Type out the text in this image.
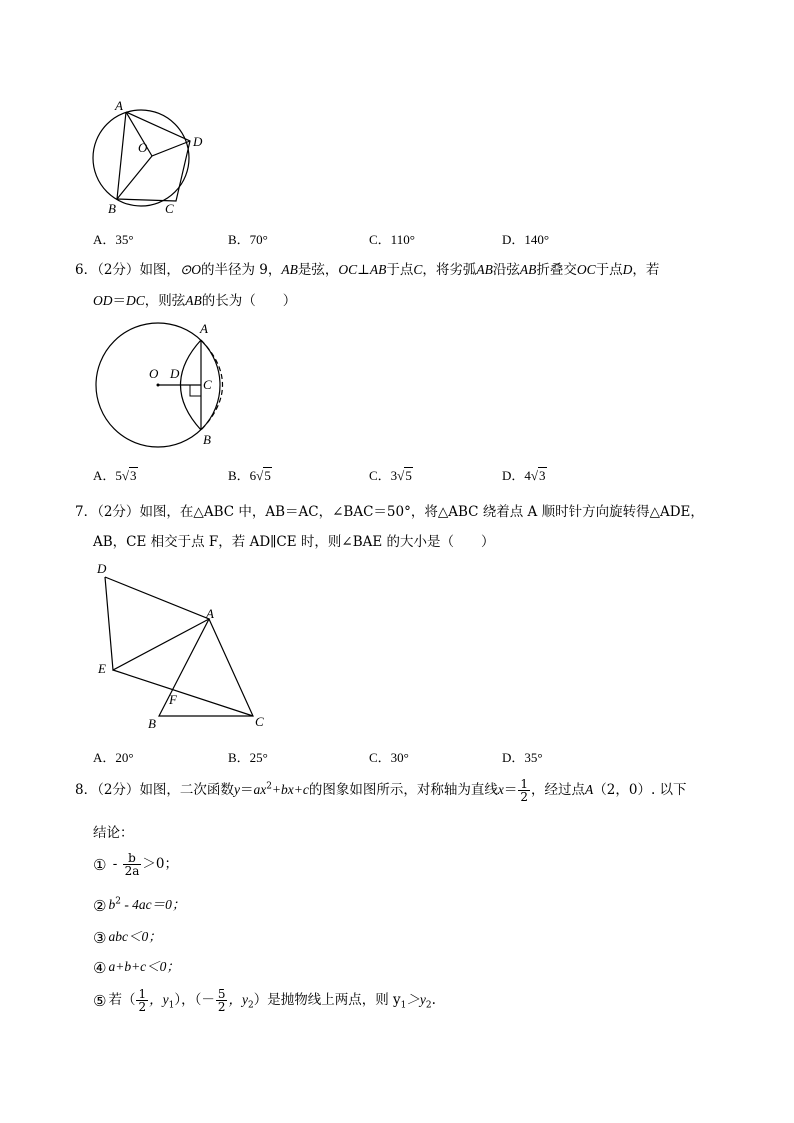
A
O	D
B	C
A．35°	B．70°	C．110°	D．140°
6．（2分）如图，⊙O的半径为 9，AB是弦，OC⊥AB于点C，将劣弧AB沿弦AB折叠交OC于点D，若
OD＝DC，则弦AB的长为（　　）
A
O D
C
B
A．5√3	B．6√5	C．3√5	D．4√3
7．（2分）如图，在△ABC 中，AB＝AC，∠BAC＝50°，将△ABC 绕着点 A 顺时针方向旋转得△ADE，
AB，CE 相交于点 F，若 AD∥CE 时，则∠BAE 的大小是（　　）
D
A
E
F
B	C
A．20°	B．25°	C．30°	D．35°
8．（2分）如图，二次函数$y=ax^2+bx+c$的图象如图所示，对称轴为直线$x= \frac{1}{2}$ ，经过点A（2，0）. 以下
结论：
① - $\frac{b}{2a} >0$；
② $b^2 - 4ac=0$；
③ abc＜0；
④ a+b+c＜0；
⑤ 若（ $\frac{1}{2}$ ，$y_1$），（－ $\frac{5}{2}$ ，$y_2$）是抛物线上两点，则 $y_1>y_2$.
